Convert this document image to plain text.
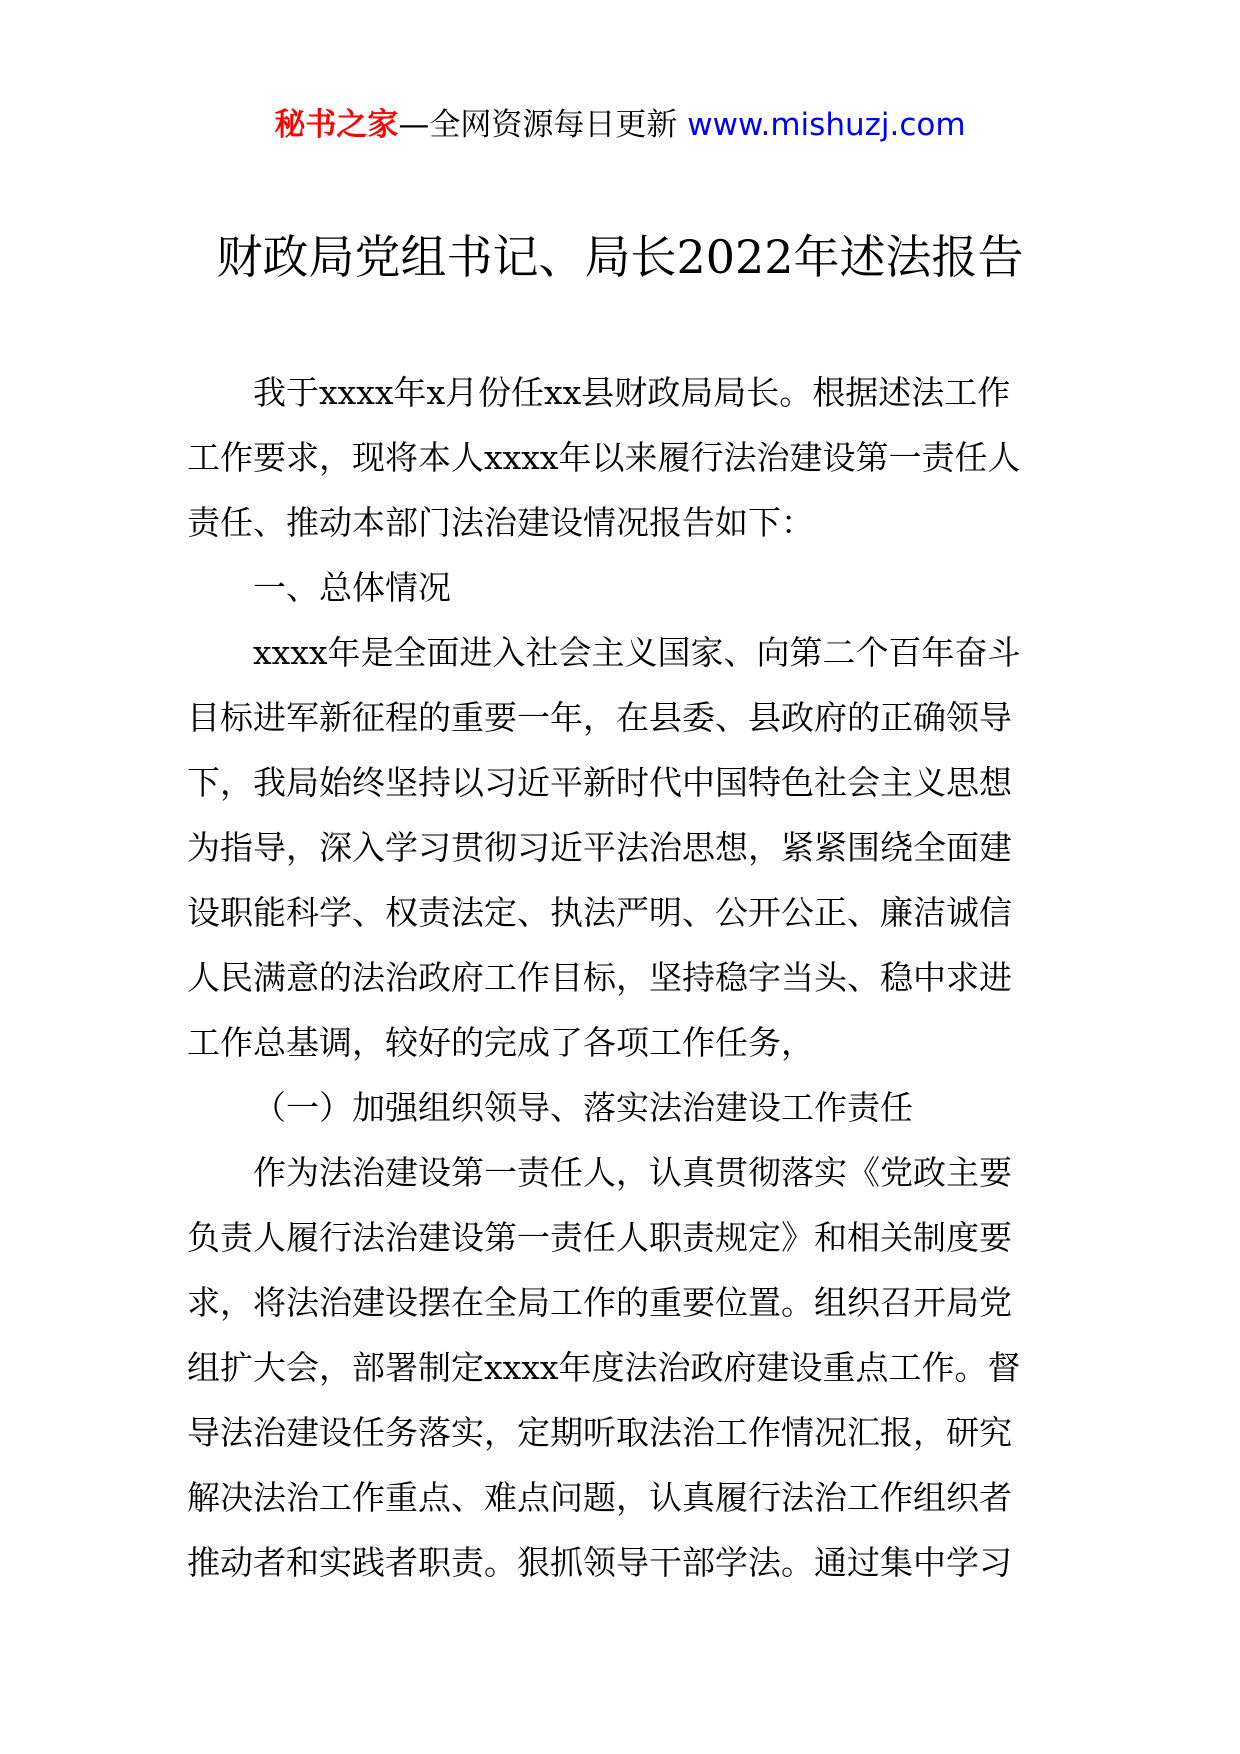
秘书之家—全网资源每日更新 www.mishuzj.com
财政局党组书记、局长2022年述法报告
我于xxxx年x月份任xx县财政局局长。根据述法工作
工作要求，现将本人xxxx年以来履行法治建设第一责任人
责任、推动本部门法治建设情况报告如下：
一、总体情况
xxxx年是全面进入社会主义国家、向第二个百年奋斗
目标进军新征程的重要一年，在县委、县政府的正确领导
下，我局始终坚持以习近平新时代中国特色社会主义思想
为指导，深入学习贯彻习近平法治思想，紧紧围绕全面建
设职能科学、权责法定、执法严明、公开公正、廉洁诚信
人民满意的法治政府工作目标，坚持稳字当头、稳中求进
工作总基调，较好的完成了各项工作任务，
（一）加强组织领导、落实法治建设工作责任
作为法治建设第一责任人，认真贯彻落实《党政主要
负责人履行法治建设第一责任人职责规定》和相关制度要
求，将法治建设摆在全局工作的重要位置。组织召开局党
组扩大会，部署制定xxxx年度法治政府建设重点工作。督
导法治建设任务落实，定期听取法治工作情况汇报，研究
解决法治工作重点、难点问题，认真履行法治工作组织者
推动者和实践者职责。狠抓领导干部学法。通过集中学习
